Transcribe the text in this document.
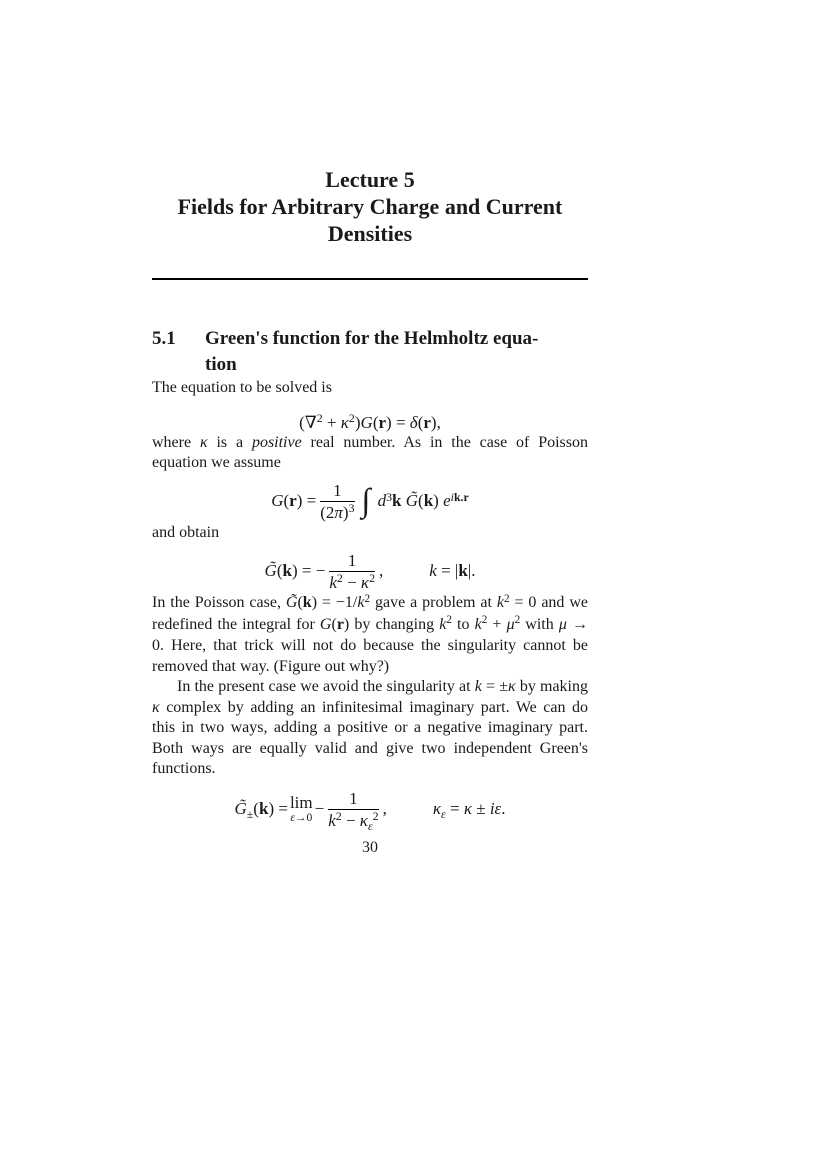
Lecture 5
Fields for Arbitrary Charge and Current
Densities
5.1	Green's function for the Helmholtz equa-
tion

The equation to be solved is

$(\nabla^2 + \kappa^2)G(r) = \delta(r)$,

where κ is a positive real number. As in the case of Poisson equation we assume

$G(r) = \frac{1}{(2\pi)^3}$ ∫ $d^3k$ G̃(k) $e^{ik.r}$

and obtain

G̃(k) = − $\frac{1}{k^2 - \kappa^2}$ ,	k = |k|.

In the Poisson case, G̃(k) = $-1/k^2$ gave a problem at $k^2 = 0$ and we redefined the integral for G(r) by changing $k^2$ to $k^2 + \mu^2$ with μ → 0. Here, that trick will not do because the singularity cannot be removed that way. (Figure out why?)

In the present case we avoid the singularity at k = ±κ by making κ complex by adding an infinitesimal imaginary part. We can do this in two ways, adding a positive or a negative imaginary part. Both ways are equally valid and give two independent Green's functions.

$G̃_\pm(k) = \lim$
$\varepsilon\to 0 - \frac{1}{k^2 - \kappa_\varepsilon^2}$ ,	$\kappa_\varepsilon = \kappa \pm i\varepsilon$.
30
